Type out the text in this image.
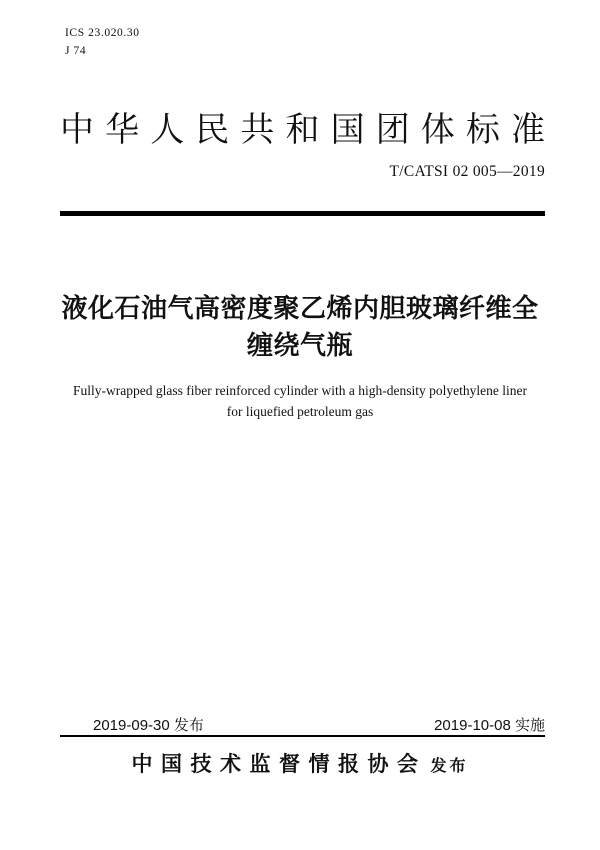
ICS 23.020.30
J 74
中华人民共和国团体标准
T/CATSI 02 005—2019
液化石油气高密度聚乙烯内胆玻璃纤维全
缠绕气瓶
Fully-wrapped glass fiber reinforced cylinder with a high-density polyethylene liner
for liquefied petroleum gas
2019-09-30 发布	2019-10-08 实施
中国技术监督情报协会 发布
